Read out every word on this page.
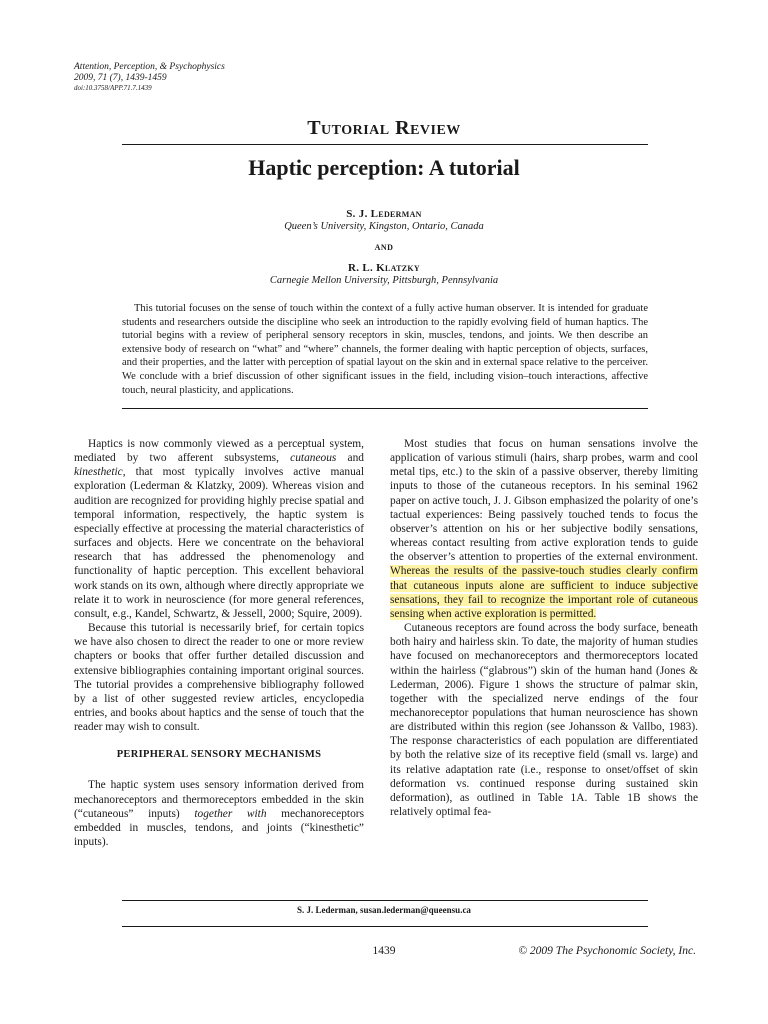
Attention, Perception, & Psychophysics
2009, 71 (7), 1439-1459
doi:10.3758/APP.71.7.1439
Tutorial Review
Haptic perception: A tutorial
S. J. Lederman
Queen’s University, Kingston, Ontario, Canada
AND
R. L. Klatzky
Carnegie Mellon University, Pittsburgh, Pennsylvania
This tutorial focuses on the sense of touch within the context of a fully active human observer. It is intended for graduate students and researchers outside the discipline who seek an introduction to the rapidly evolving field of human haptics. The tutorial begins with a review of peripheral sensory receptors in skin, muscles, tendons, and joints. We then describe an extensive body of research on “what” and “where” channels, the former dealing with haptic perception of objects, surfaces, and their properties, and the latter with perception of spatial layout on the skin and in external space relative to the perceiver. We conclude with a brief discussion of other significant issues in the field, including vision–touch interactions, affective touch, neural plasticity, and applications.

Haptics is now commonly viewed as a perceptual system, mediated by two afferent subsystems, cutaneous and kinesthetic, that most typically involves active manual exploration (Lederman & Klatzky, 2009). Whereas vision and audition are recognized for providing highly precise spatial and temporal information, respectively, the haptic system is especially effective at processing the material characteristics of surfaces and objects. Here we concentrate on the behavioral research that has addressed the phenomenology and functionality of haptic perception. This excellent behavioral work stands on its own, although where directly appropriate we relate it to work in neuroscience (for more general references, consult, e.g., Kandel, Schwartz, & Jessell, 2000; Squire, 2009).

Because this tutorial is necessarily brief, for certain topics we have also chosen to direct the reader to one or more review chapters or books that offer further detailed discussion and extensive bibliographies containing important original sources. The tutorial provides a comprehensive bibliography followed by a list of other suggested review articles, encyclopedia entries, and books about haptics and the sense of touch that the reader may wish to consult.

PERIPHERAL SENSORY MECHANISMS

The haptic system uses sensory information derived from mechanoreceptors and thermoreceptors embedded in the skin (“cutaneous” inputs) together with mechanoreceptors embedded in muscles, tendons, and joints (“kinesthetic” inputs).

Most studies that focus on human sensations involve the application of various stimuli (hairs, sharp probes, warm and cool metal tips, etc.) to the skin of a passive observer, thereby limiting inputs to those of the cutaneous receptors. In his seminal 1962 paper on active touch, J. J. Gibson emphasized the polarity of one’s tactual experiences: Being passively touched tends to focus the observer’s attention on his or her subjective bodily sensations, whereas contact resulting from active exploration tends to guide the observer’s attention to properties of the external environment. Whereas the results of the passive-touch studies clearly confirm that cutaneous inputs alone are sufficient to induce subjective sensations, they fail to recognize the important role of cutaneous sensing when active exploration is permitted.

Cutaneous receptors are found across the body surface, beneath both hairy and hairless skin. To date, the majority of human studies have focused on mechanoreceptors and thermoreceptors located within the hairless (“glabrous”) skin of the human hand (Jones & Lederman, 2006). Figure 1 shows the structure of palmar skin, together with the specialized nerve endings of the four mechanoreceptor populations that human neuroscience has shown are distributed within this region (see Johansson & Vallbo, 1983). The response characteristics of each population are differentiated by both the relative size of its receptive field (small vs. large) and its relative adaptation rate (i.e., response to onset/offset of skin deformation vs. continued response during sustained skin deformation), as outlined in Table 1A. Table 1B shows the relatively optimal fea-

S. J. Lederman, susan.lederman@queensu.ca
1439	© 2009 The Psychonomic Society, Inc.
